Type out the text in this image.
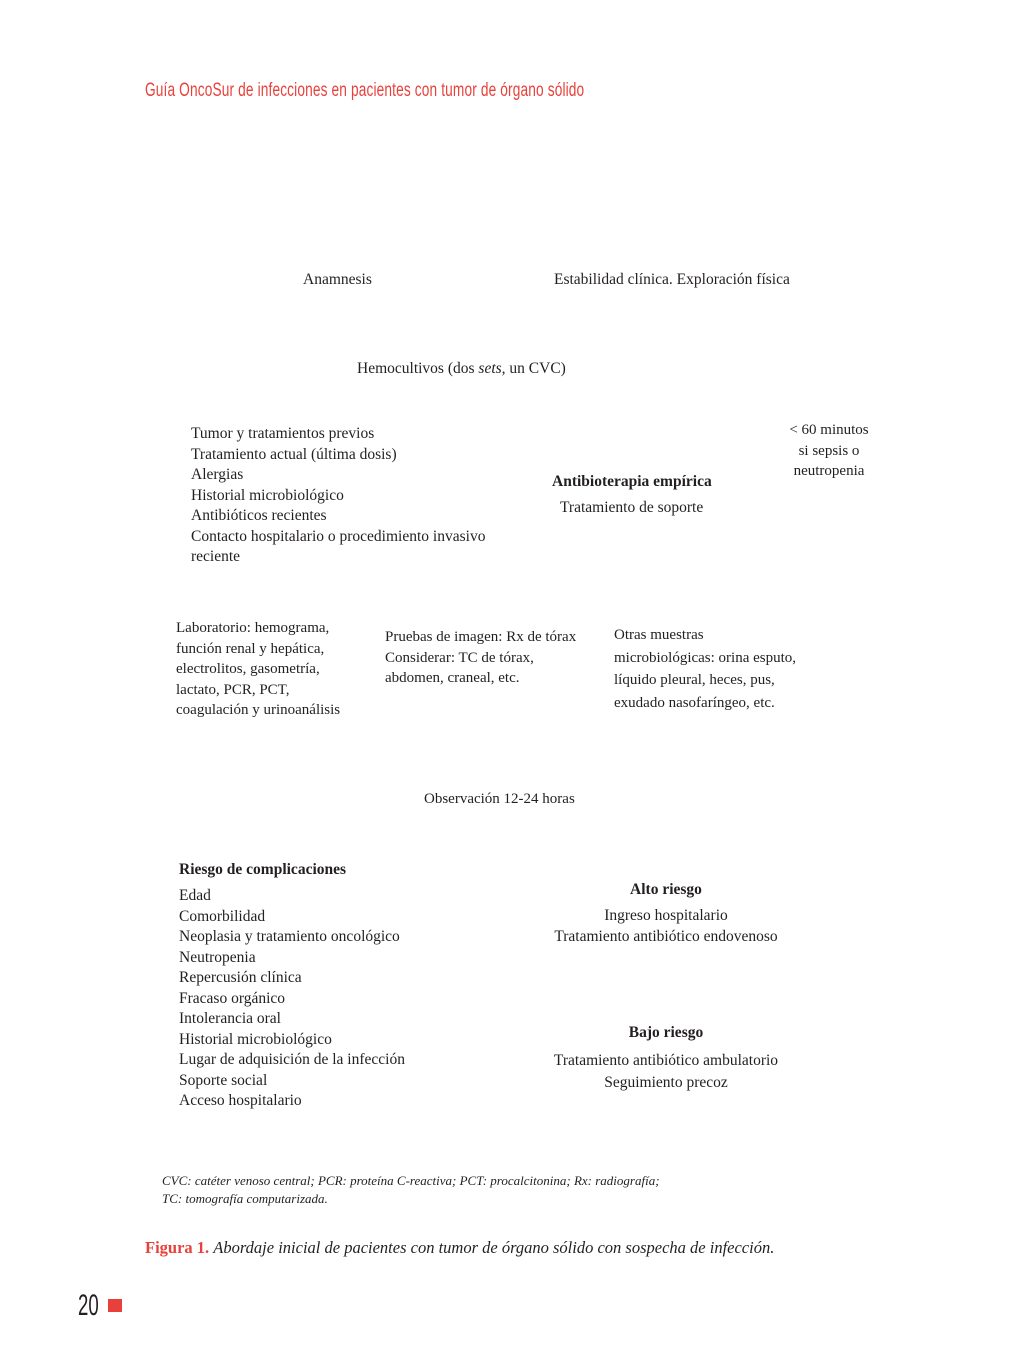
Guía OncoSur de infecciones en pacientes con tumor de órgano sólido
Anamnesis	Estabilidad clínica. Exploración física
Hemocultivos (dos sets, un CVC)
Tumor y tratamientos previos
Tratamiento actual (última dosis)
Alergias
Historial microbiológico
Antibióticos recientes
Contacto hospitalario o procedimiento invasivo
reciente
Antibioterapia empírica
Tratamiento de soporte
< 60 minutos
si sepsis o
neutropenia
Laboratorio: hemograma,
función renal y hepática,
electrolitos, gasometría,
lactato, PCR, PCT,
coagulación y urinoanálisis
Pruebas de imagen: Rx de tórax
Considerar: TC de tórax,
abdomen, craneal, etc.
Otras muestras
microbiológicas: orina esputo,
líquido pleural, heces, pus,
exudado nasofaríngeo, etc.
Observación 12-24 horas
Riesgo de complicaciones
Edad
Comorbilidad
Neoplasia y tratamiento oncológico
Neutropenia
Repercusión clínica
Fracaso orgánico
Intolerancia oral
Historial microbiológico
Lugar de adquisición de la infección
Soporte social
Acceso hospitalario
Alto riesgo
Ingreso hospitalario
Tratamiento antibiótico endovenoso
Bajo riesgo
Tratamiento antibiótico ambulatorio
Seguimiento precoz
CVC: catéter venoso central; PCR: proteína C-reactiva; PCT: procalcitonina; Rx: radiografía;
TC: tomografía computarizada.
Figura 1. Abordaje inicial de pacientes con tumor de órgano sólido con sospecha de infección.
20
